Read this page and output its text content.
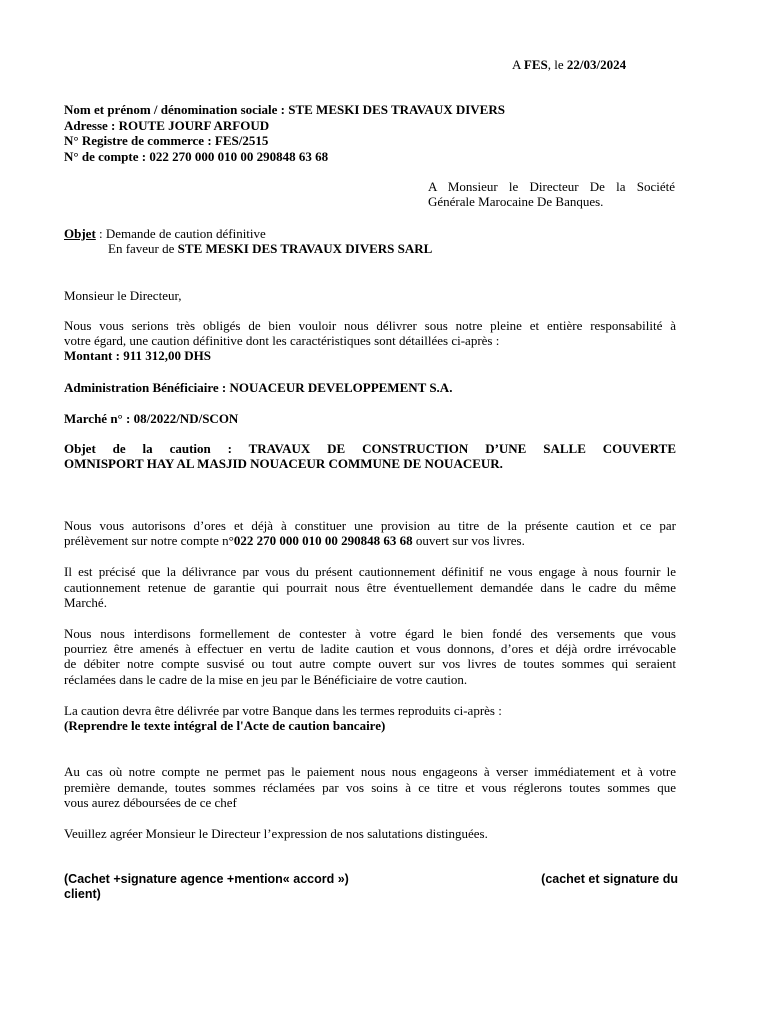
A FES, le 22/03/2024
Nom et prénom / dénomination sociale : STE MESKI DES TRAVAUX DIVERS
Adresse : ROUTE JOURF ARFOUD
N° Registre de commerce : FES/2515
N° de compte : 022 270 000 010 00 290848 63 68
A Monsieur le Directeur De la Société
Générale Marocaine De Banques.
Objet : Demande de caution définitive
En faveur de STE MESKI DES TRAVAUX DIVERS SARL
Monsieur le Directeur,
Nous vous serions très obligés de bien vouloir nous délivrer sous notre pleine et entière responsabilité à
votre égard, une caution définitive dont les caractéristiques sont détaillées ci-après :
Montant : 911 312,00 DHS
Administration Bénéficiaire : NOUACEUR DEVELOPPEMENT S.A.
Marché n° : 08/2022/ND/SCON
Objet de la caution : TRAVAUX DE CONSTRUCTION D’UNE SALLE COUVERTE
OMNISPORT HAY AL MASJID NOUACEUR COMMUNE DE NOUACEUR.
Nous vous autorisons d’ores et déjà à constituer une provision au titre de la présente caution et ce par
prélèvement sur notre compte n°022 270 000 010 00 290848 63 68 ouvert sur vos livres.
Il est précisé que la délivrance par vous du présent cautionnement définitif ne vous engage à nous fournir le
cautionnement retenue de garantie qui pourrait nous être éventuellement demandée dans le cadre du même
Marché.
Nous nous interdisons formellement de contester à votre égard le bien fondé des versements que vous
pourriez être amenés à effectuer en vertu de ladite caution et vous donnons, d’ores et déjà ordre irrévocable
de débiter notre compte susvisé ou tout autre compte ouvert sur vos livres de toutes sommes qui seraient
réclamées dans le cadre de la mise en jeu par le Bénéficiaire de votre caution.
La caution devra être délivrée par votre Banque dans les termes reproduits ci-après :
(Reprendre le texte intégral de l'Acte de caution bancaire)
Au cas où notre compte ne permet pas le paiement nous nous engageons à verser immédiatement et à votre
première demande, toutes sommes réclamées par vos soins à ce titre et vous réglerons toutes sommes que
vous aurez déboursées de ce chef
Veuillez agréer Monsieur le Directeur l’expression de nos salutations distinguées.
(Cachet +signature agence +mention« accord »)	(cachet et signature du
client)
